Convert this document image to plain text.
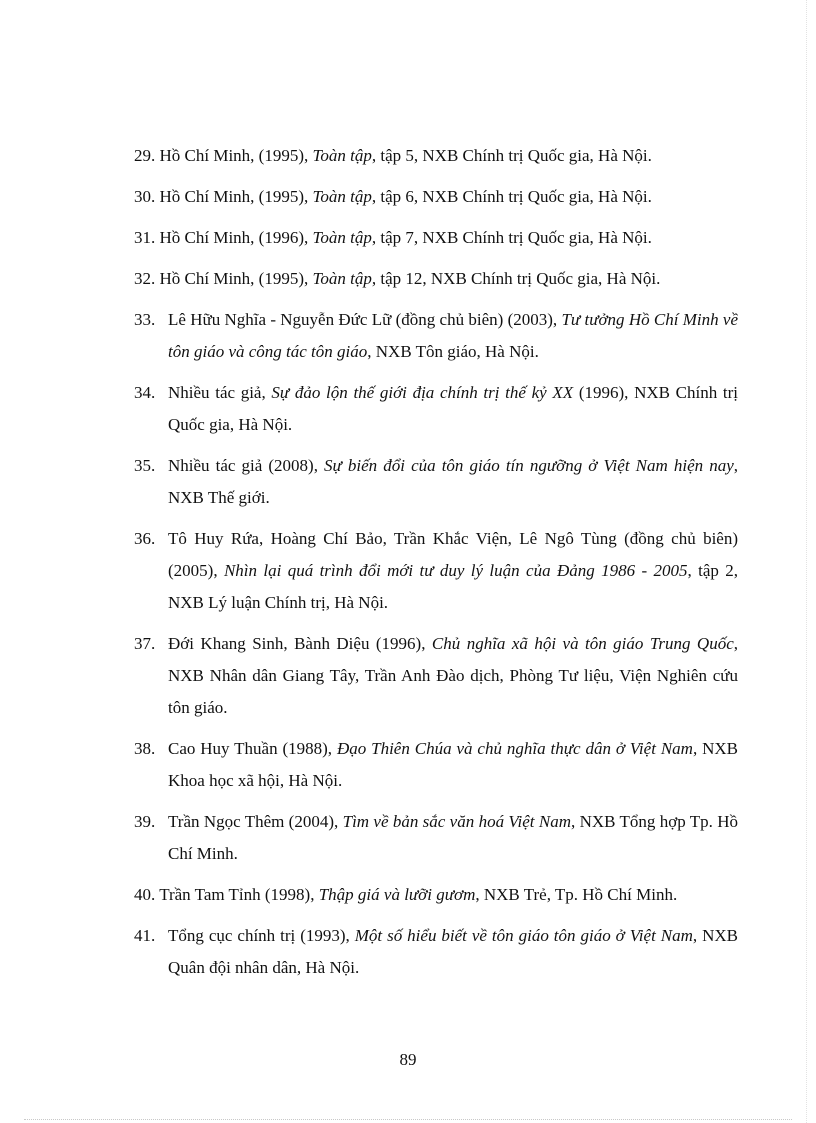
29. Hồ Chí Minh, (1995), Toàn tập, tập 5, NXB Chính trị Quốc gia, Hà Nội.
30. Hồ Chí Minh, (1995), Toàn tập, tập 6, NXB Chính trị Quốc gia, Hà Nội.
31. Hồ Chí Minh, (1996), Toàn tập, tập 7, NXB Chính trị Quốc gia, Hà Nội.
32. Hồ Chí Minh, (1995), Toàn tập, tập 12, NXB Chính trị Quốc gia, Hà Nội.
33. Lê Hữu Nghĩa - Nguyễn Đức Lữ (đồng chủ biên) (2003), Tư tưởng Hồ Chí Minh về tôn giáo và công tác tôn giáo, NXB Tôn giáo, Hà Nội.
34. Nhiều tác giả, Sự đảo lộn thế giới địa chính trị thế kỷ XX (1996), NXB Chính trị Quốc gia, Hà Nội.
35. Nhiều tác giả (2008), Sự biến đổi của tôn giáo tín ngưỡng ở Việt Nam hiện nay, NXB Thế giới.
36. Tô Huy Rứa, Hoàng Chí Bảo, Trần Khắc Viện, Lê Ngô Tùng (đồng chủ biên) (2005), Nhìn lại quá trình đổi mới tư duy lý luận của Đảng 1986 - 2005, tập 2, NXB Lý luận Chính trị, Hà Nội.
37. Đới Khang Sinh, Bành Diệu (1996), Chủ nghĩa xã hội và tôn giáo Trung Quốc, NXB Nhân dân Giang Tây, Trần Anh Đào dịch, Phòng Tư liệu, Viện Nghiên cứu tôn giáo.
38. Cao Huy Thuần (1988), Đạo Thiên Chúa và chủ nghĩa thực dân ở Việt Nam, NXB Khoa học xã hội, Hà Nội.
39. Trần Ngọc Thêm (2004), Tìm về bản sắc văn hoá Việt Nam, NXB Tổng hợp Tp. Hồ Chí Minh.
40. Trần Tam Tỉnh (1998), Thập giá và lưỡi gươm, NXB Trẻ, Tp. Hồ Chí Minh.
41. Tổng cục chính trị (1993), Một số hiểu biết về tôn giáo tôn giáo ở Việt Nam, NXB Quân đội nhân dân, Hà Nội.
89
